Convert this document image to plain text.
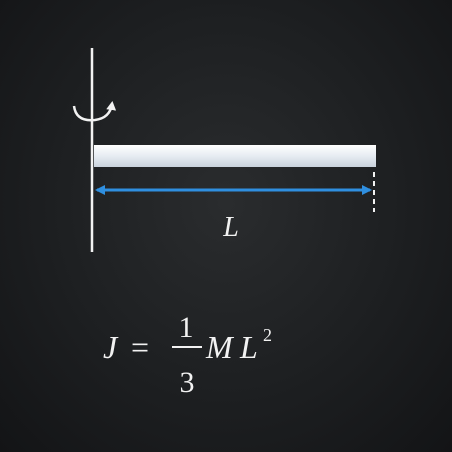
L
J =
1
3
M L 2
